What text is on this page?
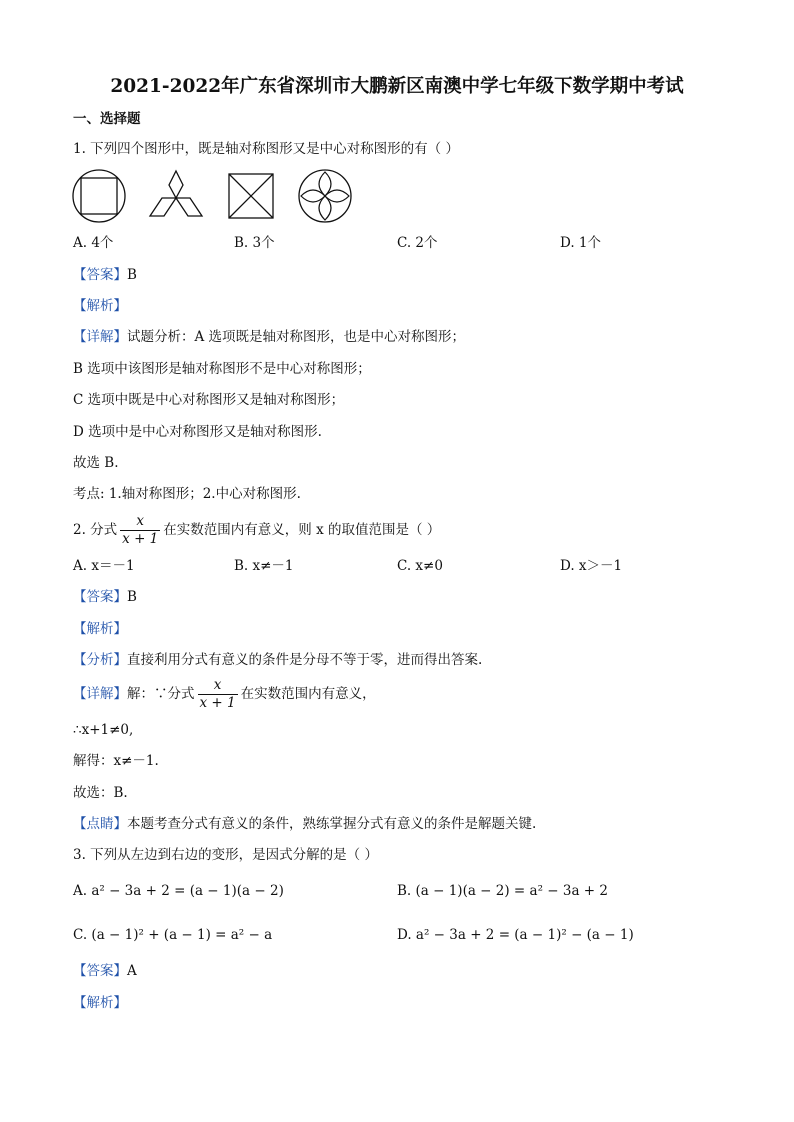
2021-2022年广东省深圳市大鹏新区南澳中学七年级下数学期中考试
一、选择题
1. 下列四个图形中，既是轴对称图形又是中心对称图形的有（ ）
A. 4个	B. 3个	C. 2个	D. 1个
【答案】B
【解析】
【详解】试题分析：A 选项既是轴对称图形，也是中心对称图形；
B 选项中该图形是轴对称图形不是中心对称图形；
C 选项中既是中心对称图形又是轴对称图形；
D 选项中是中心对称图形又是轴对称图形.
故选 B.
考点: 1.轴对称图形；2.中心对称图形.
2. 分式 $\frac{x}{x + 1}$ 在实数范围内有意义，则 x 的取值范围是（ ）
A. x＝－1	B. x≠－1	C. x≠0	D. x＞－1
【答案】B
【解析】
【分析】直接利用分式有意义的条件是分母不等于零，进而得出答案.
【详解】解：∵分式 $\frac{x}{x + 1}$ 在实数范围内有意义，
∴x+1≠0,
解得：x≠－1.
故选：B.
【点睛】本题考查分式有意义的条件，熟练掌握分式有意义的条件是解题关键.
3. 下列从左边到右边的变形，是因式分解的是（ ）
A. a² − 3a + 2 = (a − 1)(a − 2)	B. (a − 1)(a − 2) = a² − 3a + 2
C. (a − 1)² + (a − 1) = a² − a	D. a² − 3a + 2 = (a − 1)² − (a − 1)
【答案】A
【解析】
